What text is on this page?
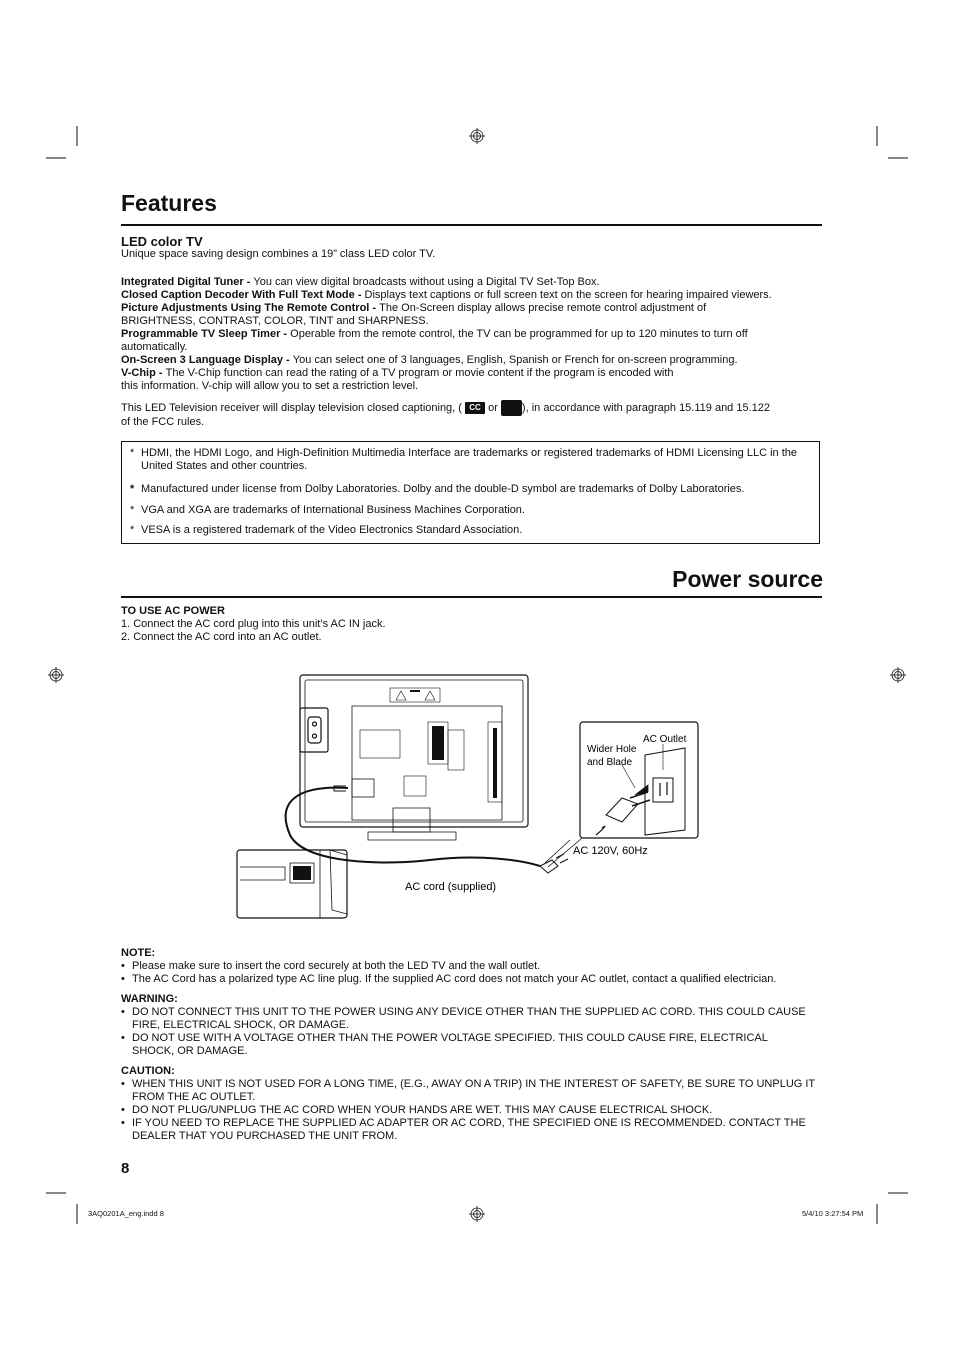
Features
LED color TV
Unique space saving design combines a 19” class LED color TV.

Integrated Digital Tuner - You can view digital broadcasts without using a Digital TV Set-Top Box.

Closed Caption Decoder With Full Text Mode - Displays text captions or full screen text on the screen for hearing impaired viewers.

Picture Adjustments Using The Remote Control - The On-Screen display allows precise remote control adjustment of BRIGHTNESS, CONTRAST, COLOR, TINT and SHARPNESS.

Programmable TV Sleep Timer - Operable from the remote control, the TV can be programmed for up to 120 minutes to turn off automatically.

On-Screen 3 Language Display - You can select one of 3 languages, English, Spanish or French for on-screen programming.

V-Chip - The V-Chip function can read the rating of a TV program or movie content if the program is encoded with this information. V-chip will allow you to set a restriction level.

This LED Television receiver will display television closed captioning, ( CC or ), in accordance with paragraph 15.119 and 15.122
of the FCC rules.
* HDMI, the HDMI Logo, and High-Definition Multimedia Interface are trademarks or registered trademarks of HDMI Licensing LLC in the United States and other countries.
* Manufactured under license from Dolby Laboratories. Dolby and the double-D symbol are trademarks of Dolby Laboratories.
* VGA and XGA are trademarks of International Business Machines Corporation.
* VESA is a registered trademark of the Video Electronics Standard Association.
Power source
TO USE AC POWER
1. Connect the AC cord plug into this unit’s AC IN jack.
2. Connect the AC cord into an AC outlet.
AC Outlet
Wider Hole
and Blade
AC 120V, 60Hz
AC cord (supplied)
NOTE:
• Please make sure to insert the cord securely at both the LED TV and the wall outlet.
• The AC Cord has a polarized type AC line plug. If the supplied AC cord does not match your AC outlet, contact a qualified electrician.
WARNING:
• DO NOT CONNECT THIS UNIT TO THE POWER USING ANY DEVICE OTHER THAN THE SUPPLIED AC CORD. THIS COULD CAUSE FIRE, ELECTRICAL SHOCK, OR DAMAGE.
• DO NOT USE WITH A VOLTAGE OTHER THAN THE POWER VOLTAGE SPECIFIED. THIS COULD CAUSE FIRE, ELECTRICAL SHOCK, OR DAMAGE.
CAUTION:
• WHEN THIS UNIT IS NOT USED FOR A LONG TIME, (E.G., AWAY ON A TRIP) IN THE INTEREST OF SAFETY, BE SURE TO UNPLUG IT FROM THE AC OUTLET.
• DO NOT PLUG/UNPLUG THE AC CORD WHEN YOUR HANDS ARE WET. THIS MAY CAUSE ELECTRICAL SHOCK.
• IF YOU NEED TO REPLACE THE SUPPLIED AC ADAPTER OR AC CORD, THE SPECIFIED ONE IS RECOMMENDED. CONTACT THE DEALER THAT YOU PURCHASED THE UNIT FROM.
8
3AQ0201A_eng.indd 8	5/4/10 3:27:54 PM
